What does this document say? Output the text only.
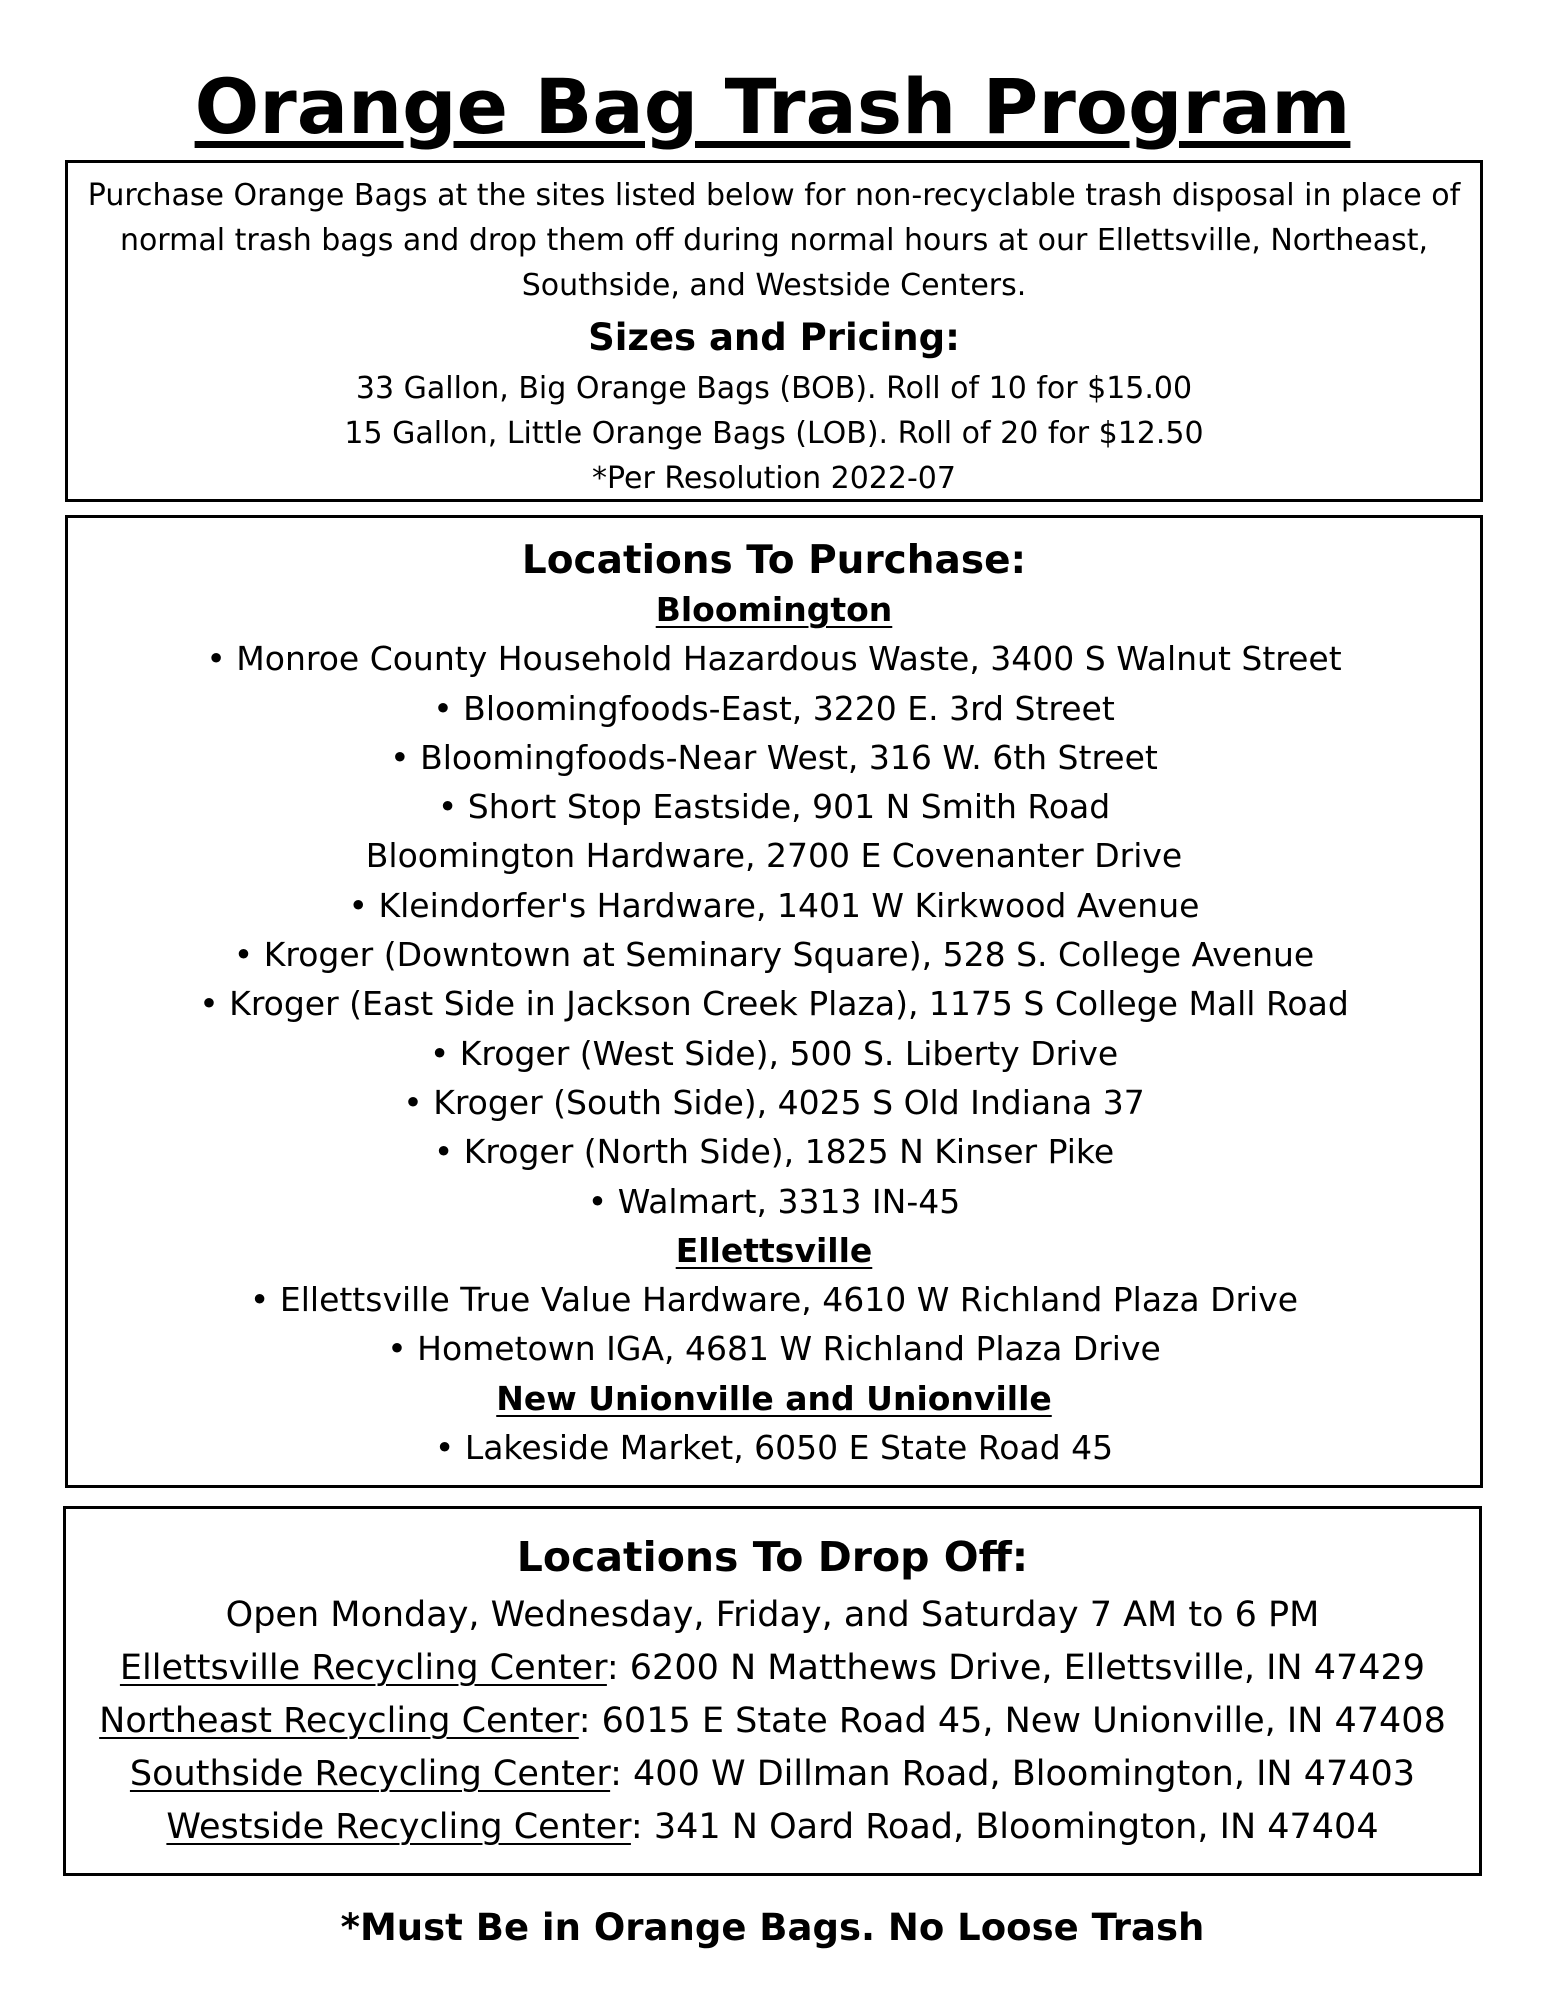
Orange Bag Trash Program
Purchase Orange Bags at the sites listed below for non-recyclable trash disposal in place of normal trash bags and drop them off during normal hours at our Ellettsville, Northeast, Southside, and Westside Centers.
Sizes and Pricing:
33 Gallon, Big Orange Bags (BOB). Roll of 10 for $15.00
15 Gallon, Little Orange Bags (LOB). Roll of 20 for $12.50
*Per Resolution 2022-07
Locations To Purchase:
Bloomington
• Monroe County Household Hazardous Waste, 3400 S Walnut Street
• Bloomingfoods-East, 3220 E. 3rd Street
• Bloomingfoods-Near West, 316 W. 6th Street
• Short Stop Eastside, 901 N Smith Road
Bloomington Hardware, 2700 E Covenanter Drive
• Kleindorfer's Hardware, 1401 W Kirkwood Avenue
• Kroger (Downtown at Seminary Square), 528 S. College Avenue
• Kroger (East Side in Jackson Creek Plaza), 1175 S College Mall Road
• Kroger (West Side), 500 S. Liberty Drive
• Kroger (South Side), 4025 S Old Indiana 37
• Kroger (North Side), 1825 N Kinser Pike
• Walmart, 3313 IN-45
Ellettsville
• Ellettsville True Value Hardware, 4610 W Richland Plaza Drive
• Hometown IGA, 4681 W Richland Plaza Drive
New Unionville and Unionville
• Lakeside Market, 6050 E State Road 45
Locations To Drop Off:
Open Monday, Wednesday, Friday, and Saturday 7 AM to 6 PM
Ellettsville Recycling Center: 6200 N Matthews Drive, Ellettsville, IN 47429
Northeast Recycling Center: 6015 E State Road 45, New Unionville, IN 47408
Southside Recycling Center: 400 W Dillman Road, Bloomington, IN 47403
Westside Recycling Center: 341 N Oard Road, Bloomington, IN 47404
*Must Be in Orange Bags. No Loose Trash
